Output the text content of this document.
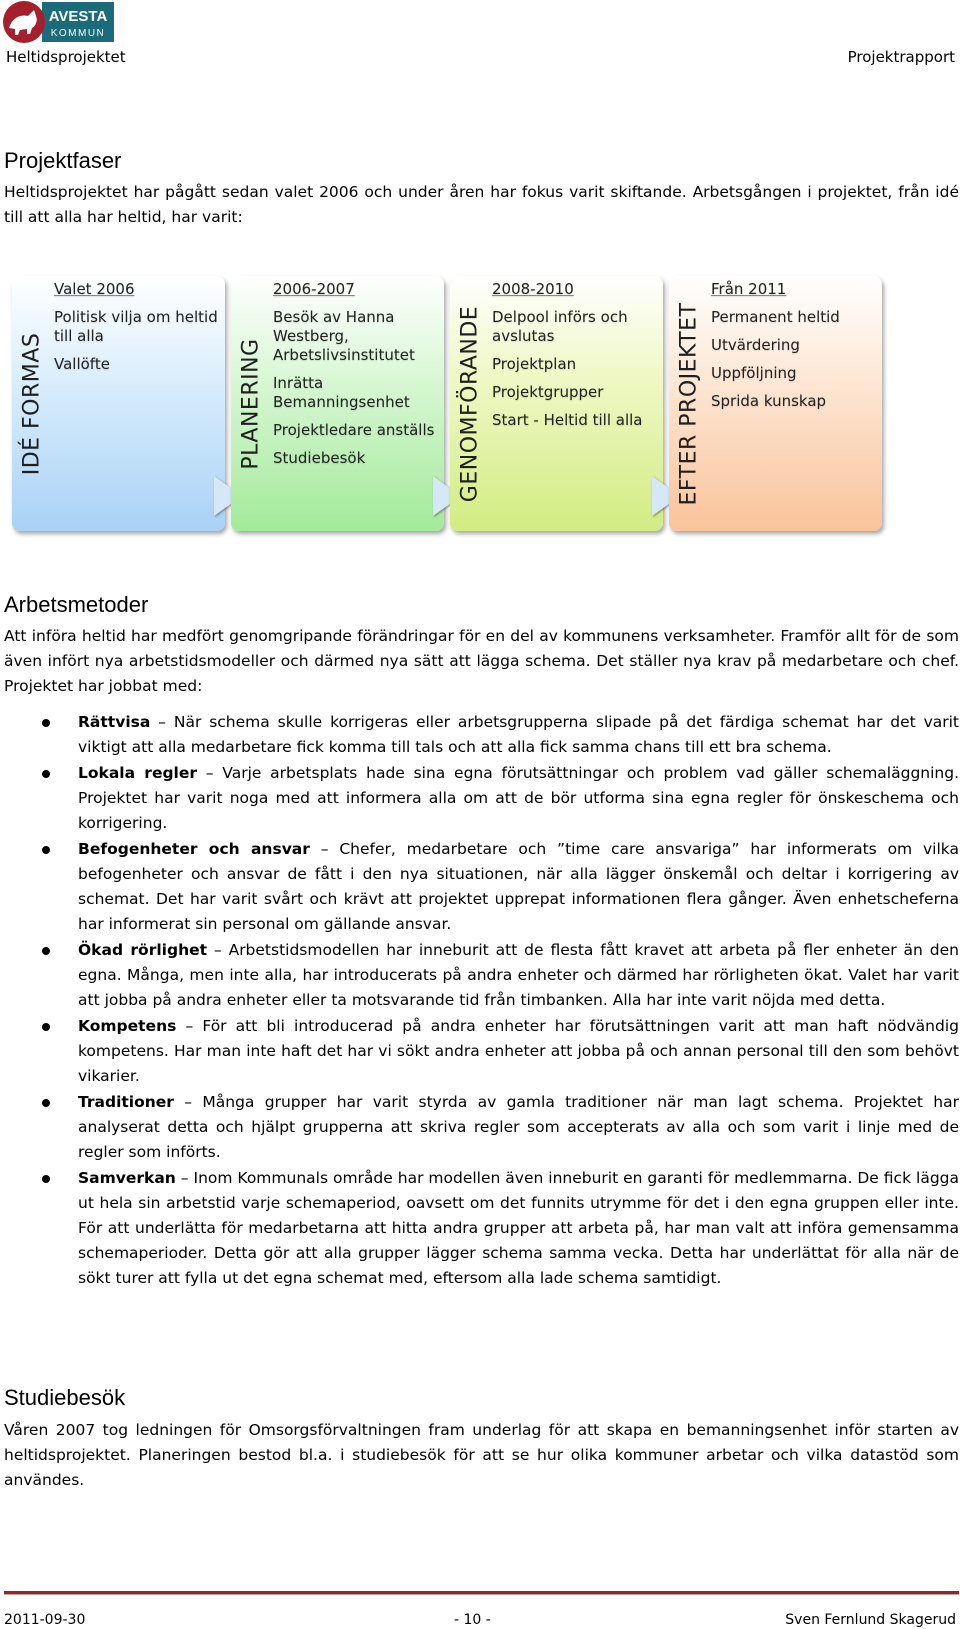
AVESTA
KOMMUN
Heltidsprojektet	Projektrapport
Projektfaser
Heltidsprojektet har pågått sedan valet 2006 och under åren har fokus varit skiftande. Arbetsgången i projektet, från idé till att alla har heltid, har varit:
IDÉ FORMAS
Valet 2006
Politisk vilja om heltid till alla
Vallöfte	PLANERING
2006-2007
Besök av Hanna Westberg, Arbetslivsinstitutet
Inrätta Bemanningsenhet
Projektledare anställs
Studiebesök	GENOMFÖRANDE
2008-2010
Delpool införs och avslutas
Projektplan
Projektgrupper
Start - Heltid till alla	EFTER PROJEKTET
Från 2011
Permanent heltid
Utvärdering
Uppföljning
Sprida kunskap
Arbetsmetoder
Att införa heltid har medfört genomgripande förändringar för en del av kommunens verksamheter. Framför allt för de som även infört nya arbetstidsmodeller och därmed nya sätt att lägga schema. Det ställer nya krav på medarbetare och chef. Projektet har jobbat med:
Rättvisa – När schema skulle korrigeras eller arbetsgrupperna slipade på det färdiga schemat har det varit viktigt att alla medarbetare fick komma till tals och att alla fick samma chans till ett bra schema.
Lokala regler – Varje arbetsplats hade sina egna förutsättningar och problem vad gäller schemaläggning. Projektet har varit noga med att informera alla om att de bör utforma sina egna regler för önskeschema och korrigering.
Befogenheter och ansvar – Chefer, medarbetare och ”time care ansvariga” har informerats om vilka befogenheter och ansvar de fått i den nya situationen, när alla lägger önskemål och deltar i korrigering av schemat. Det har varit svårt och krävt att projektet upprepat informationen flera gånger. Även enhetscheferna har informerat sin personal om gällande ansvar.
Ökad rörlighet – Arbetstidsmodellen har inneburit att de flesta fått kravet att arbeta på fler enheter än den egna. Många, men inte alla, har introducerats på andra enheter och därmed har rörligheten ökat. Valet har varit att jobba på andra enheter eller ta motsvarande tid från timbanken. Alla har inte varit nöjda med detta.
Kompetens – För att bli introducerad på andra enheter har förutsättningen varit att man haft nödvändig kompetens. Har man inte haft det har vi sökt andra enheter att jobba på och annan personal till den som behövt vikarier.
Traditioner – Många grupper har varit styrda av gamla traditioner när man lagt schema. Projektet har analyserat detta och hjälpt grupperna att skriva regler som accepterats av alla och som varit i linje med de regler som införts.
Samverkan – Inom Kommunals område har modellen även inneburit en garanti för medlemmarna. De fick lägga ut hela sin arbetstid varje schemaperiod, oavsett om det funnits utrymme för det i den egna gruppen eller inte. För att underlätta för medarbetarna att hitta andra grupper att arbeta på, har man valt att införa gemensamma schemaperioder. Detta gör att alla grupper lägger schema samma vecka. Detta har underlättat för alla när de sökt turer att fylla ut det egna schemat med, eftersom alla lade schema samtidigt.
Studiebesök
Våren 2007 tog ledningen för Omsorgsförvaltningen fram underlag för att skapa en bemanningsenhet inför starten av heltidsprojektet. Planeringen bestod bl.a. i studiebesök för att se hur olika kommuner arbetar och vilka datastöd som användes.
2011-09-30	- 10 -	Sven Fernlund Skagerud
